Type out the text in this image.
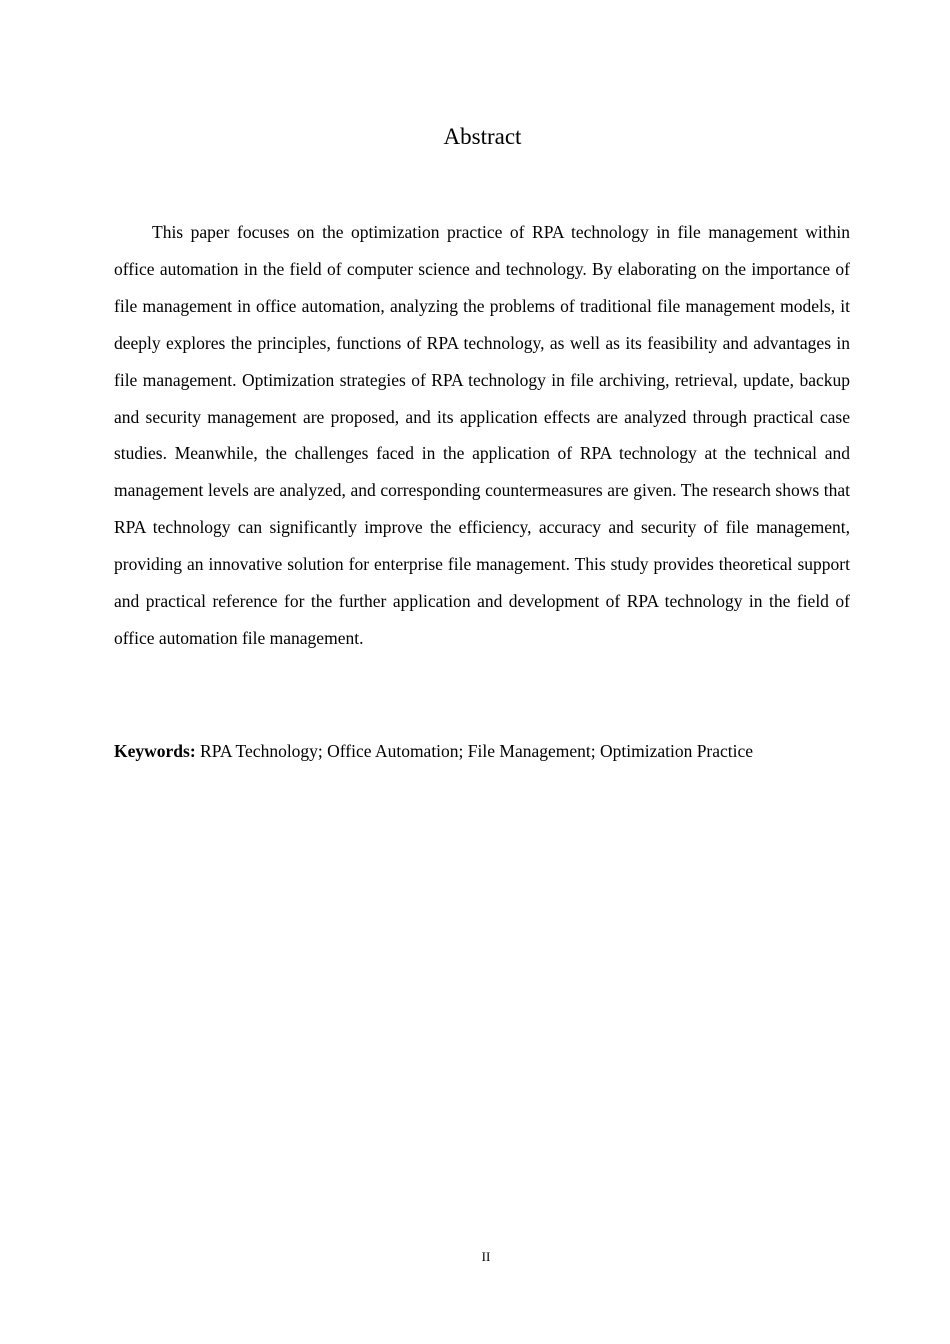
Abstract

This paper focuses on the optimization practice of RPA technology in file management within office automation in the field of computer science and technology. By elaborating on the importance of file management in office automation, analyzing the problems of traditional file management models, it deeply explores the principles, functions of RPA technology, as well as its feasibility and advantages in file management. Optimization strategies of RPA technology in file archiving, retrieval, update, backup and security management are proposed, and its application effects are analyzed through practical case studies. Meanwhile, the challenges faced in the application of RPA technology at the technical and management levels are analyzed, and corresponding countermeasures are given. The research shows that RPA technology can significantly improve the efficiency, accuracy and security of file management, providing an innovative solution for enterprise file management. This study provides theoretical support and practical reference for the further application and development of RPA technology in the field of office automation file management.

Keywords: RPA Technology; Office Automation; File Management; Optimization Practice

II
